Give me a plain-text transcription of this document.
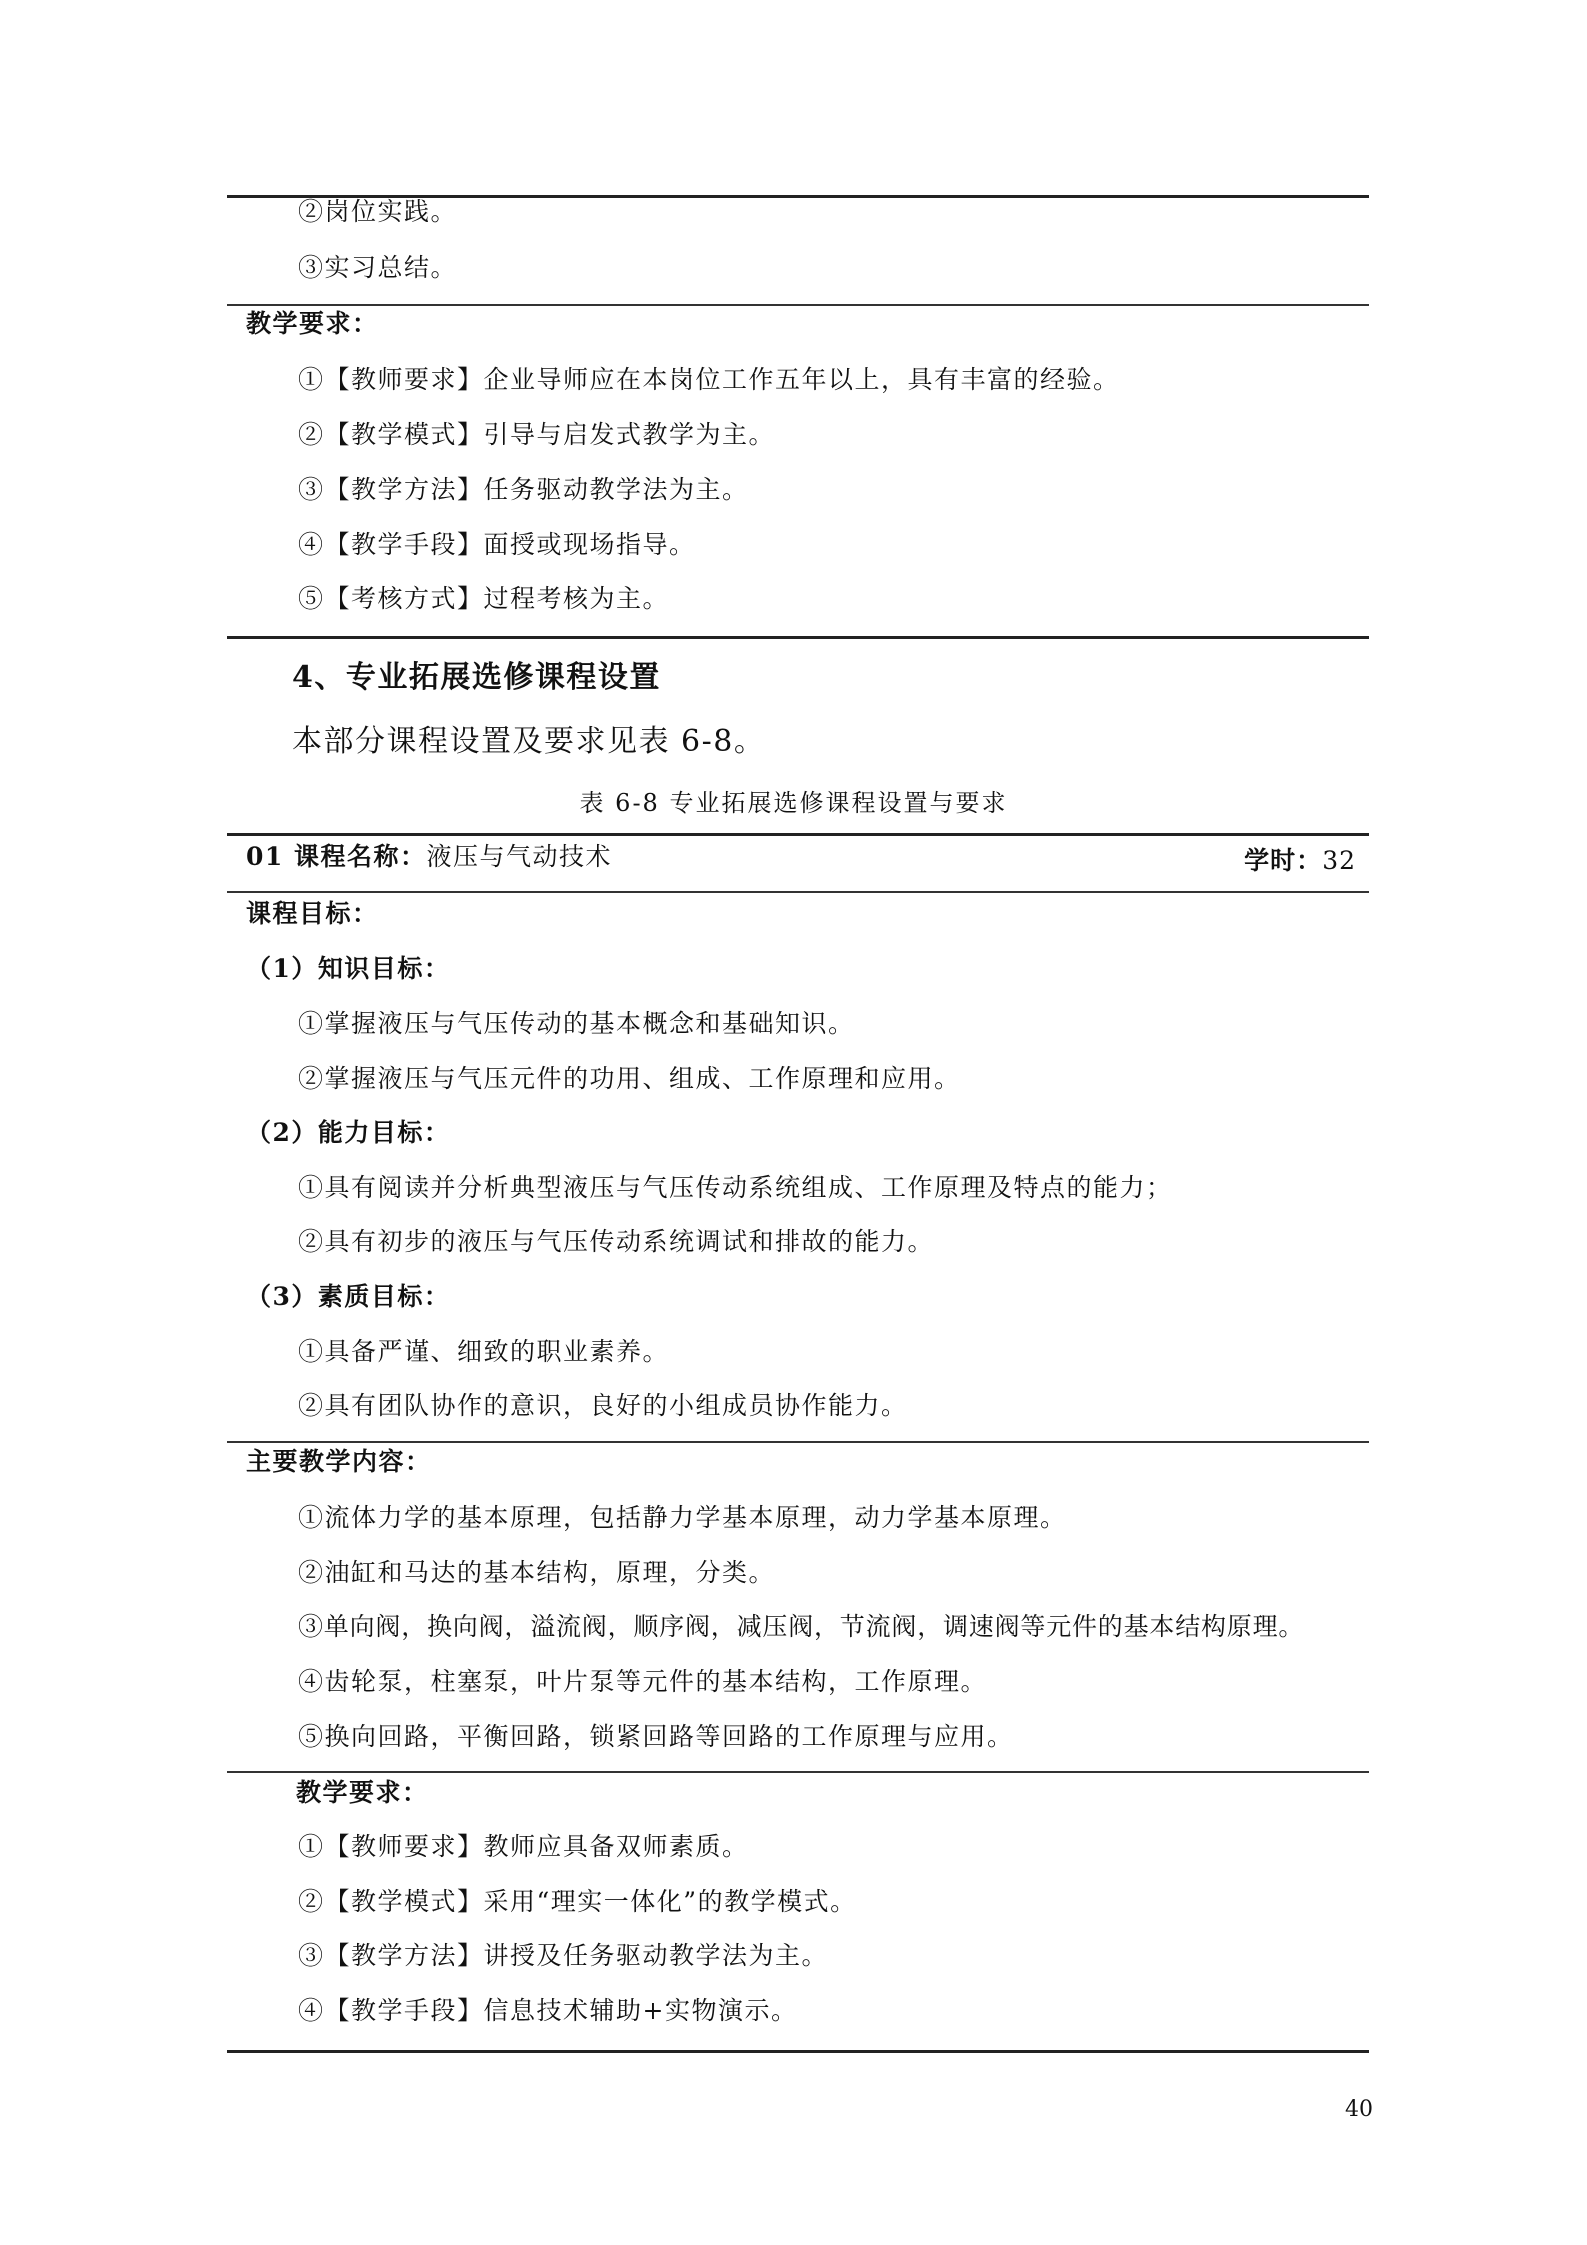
②岗位实践。
③实习总结。
教学要求：
①【教师要求】企业导师应在本岗位工作五年以上，具有丰富的经验。
②【教学模式】引导与启发式教学为主。
③【教学方法】任务驱动教学法为主。
④【教学手段】面授或现场指导。
⑤【考核方式】过程考核为主。
4、专业拓展选修课程设置
本部分课程设置及要求见表 6-8。
表 6-8 专业拓展选修课程设置与要求
01 课程名称：液压与气动技术	学时：32
课程目标：
（1）知识目标：
①掌握液压与气压传动的基本概念和基础知识。
②掌握液压与气压元件的功用、组成、工作原理和应用。
（2）能力目标：
①具有阅读并分析典型液压与气压传动系统组成、工作原理及特点的能力；
②具有初步的液压与气压传动系统调试和排故的能力。
（3）素质目标：
①具备严谨、细致的职业素养。
②具有团队协作的意识，良好的小组成员协作能力。
主要教学内容：
①流体力学的基本原理，包括静力学基本原理，动力学基本原理。
②油缸和马达的基本结构，原理，分类。
③单向阀，换向阀，溢流阀，顺序阀，减压阀，节流阀，调速阀等元件的基本结构原理。
④齿轮泵，柱塞泵，叶片泵等元件的基本结构，工作原理。
⑤换向回路，平衡回路，锁紧回路等回路的工作原理与应用。
教学要求：
①【教师要求】教师应具备双师素质。
②【教学模式】采用“理实一体化”的教学模式。
③【教学方法】讲授及任务驱动教学法为主。
④【教学手段】信息技术辅助+实物演示。
40
